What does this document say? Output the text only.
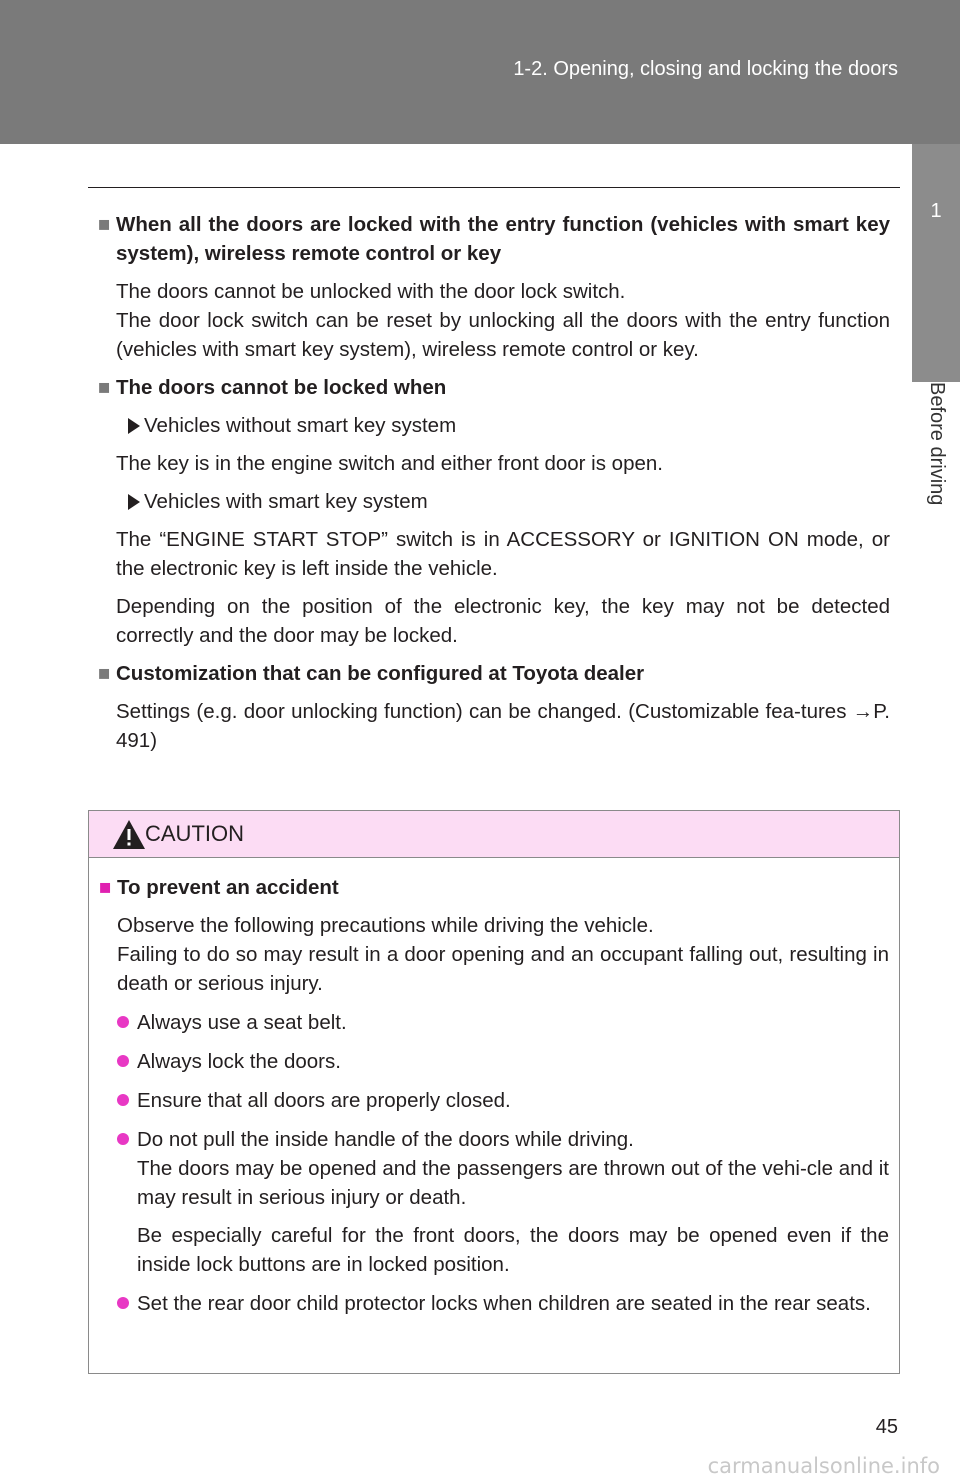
1-2. Opening, closing and locking the doors
1
Before driving
■ When all the doors are locked with the entry function (vehicles with smart key system), wireless remote control or key
The doors cannot be unlocked with the door lock switch.
The door lock switch can be reset by unlocking all the doors with the entry function (vehicles with smart key system), wireless remote control or key.
■ The doors cannot be locked when
Vehicles without smart key system
The key is in the engine switch and either front door is open.
Vehicles with smart key system
The “ENGINE START STOP” switch is in ACCESSORY or IGNITION ON mode, or the electronic key is left inside the vehicle.
Depending on the position of the electronic key, the key may not be detected correctly and the door may be locked.
■ Customization that can be configured at Toyota dealer
Settings (e.g. door unlocking function) can be changed. (Customizable fea-tures →P. 491)
CAUTION
■ To prevent an accident
Observe the following precautions while driving the vehicle.
Failing to do so may result in a door opening and an occupant falling out, resulting in death or serious injury.
Always use a seat belt.
Always lock the doors.
Ensure that all doors are properly closed.
Do not pull the inside handle of the doors while driving.
The doors may be opened and the passengers are thrown out of the vehi-cle and it may result in serious injury or death.
Be especially careful for the front doors, the doors may be opened even if the inside lock buttons are in locked position.
Set the rear door child protector locks when children are seated in the rear seats.
45
carmanualsonline.info
